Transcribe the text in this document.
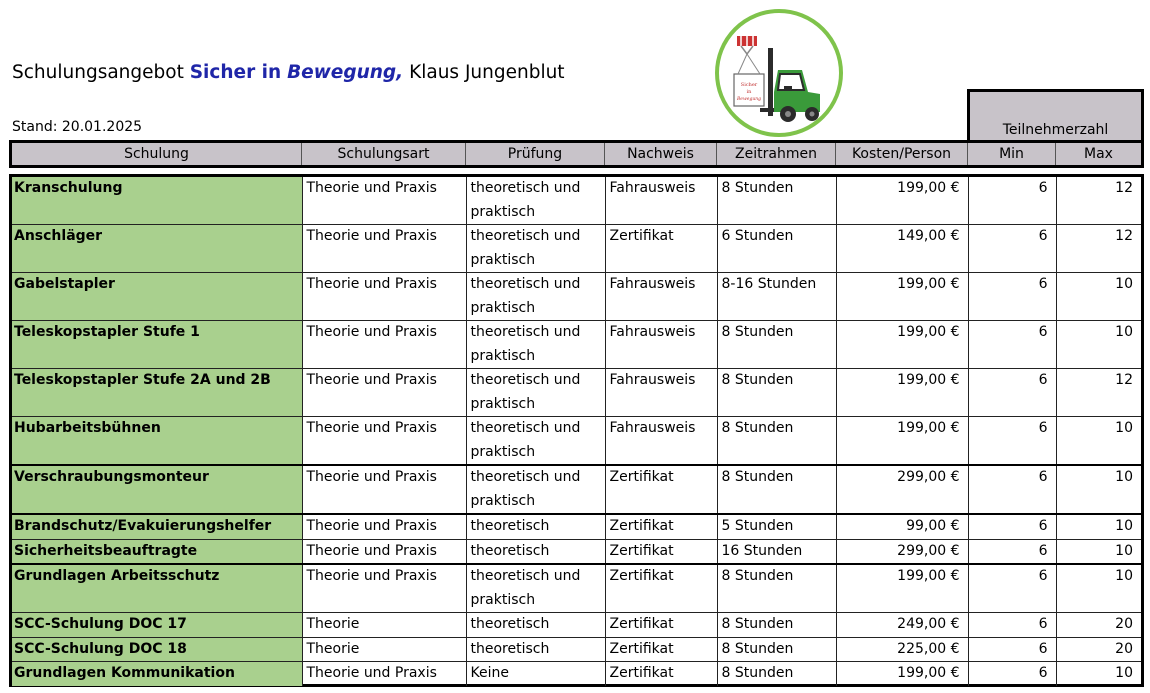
Schulungsangebot Sicher in Bewegung, Klaus Jungenblut
Stand: 20.01.2025
Sicher
in
Bewegung
Teilnehmerzahl
Schulung	Schulungsart	Prüfung	Nachweis	Zeitrahmen	Kosten/Person	Min	Max
Kranschulung	Theorie und Praxis	theoretisch und praktisch	Fahrausweis	8 Stunden	199,00 €	6	12
Anschläger	Theorie und Praxis	theoretisch und praktisch	Zertifikat	6 Stunden	149,00 €	6	12
Gabelstapler	Theorie und Praxis	theoretisch und praktisch	Fahrausweis	8-16 Stunden	199,00 €	6	10
Teleskopstapler Stufe 1	Theorie und Praxis	theoretisch und praktisch	Fahrausweis	8 Stunden	199,00 €	6	10
Teleskopstapler Stufe 2A und 2B	Theorie und Praxis	theoretisch und praktisch	Fahrausweis	8 Stunden	199,00 €	6	12
Hubarbeitsbühnen	Theorie und Praxis	theoretisch und praktisch	Fahrausweis	8 Stunden	199,00 €	6	10
Verschraubungsmonteur	Theorie und Praxis	theoretisch und praktisch	Zertifikat	8 Stunden	299,00 €	6	10
Brandschutz/Evakuierungshelfer	Theorie und Praxis	theoretisch	Zertifikat	5 Stunden	99,00 €	6	10
Sicherheitsbeauftragte	Theorie und Praxis	theoretisch	Zertifikat	16 Stunden	299,00 €	6	10
Grundlagen Arbeitsschutz	Theorie und Praxis	theoretisch und praktisch	Zertifikat	8 Stunden	199,00 €	6	10
SCC-Schulung DOC 17	Theorie	theoretisch	Zertifikat	8 Stunden	249,00 €	6	20
SCC-Schulung DOC 18	Theorie	theoretisch	Zertifikat	8 Stunden	225,00 €	6	20
Grundlagen Kommunikation	Theorie und Praxis	Keine	Zertifikat	8 Stunden	199,00 €	6	10
